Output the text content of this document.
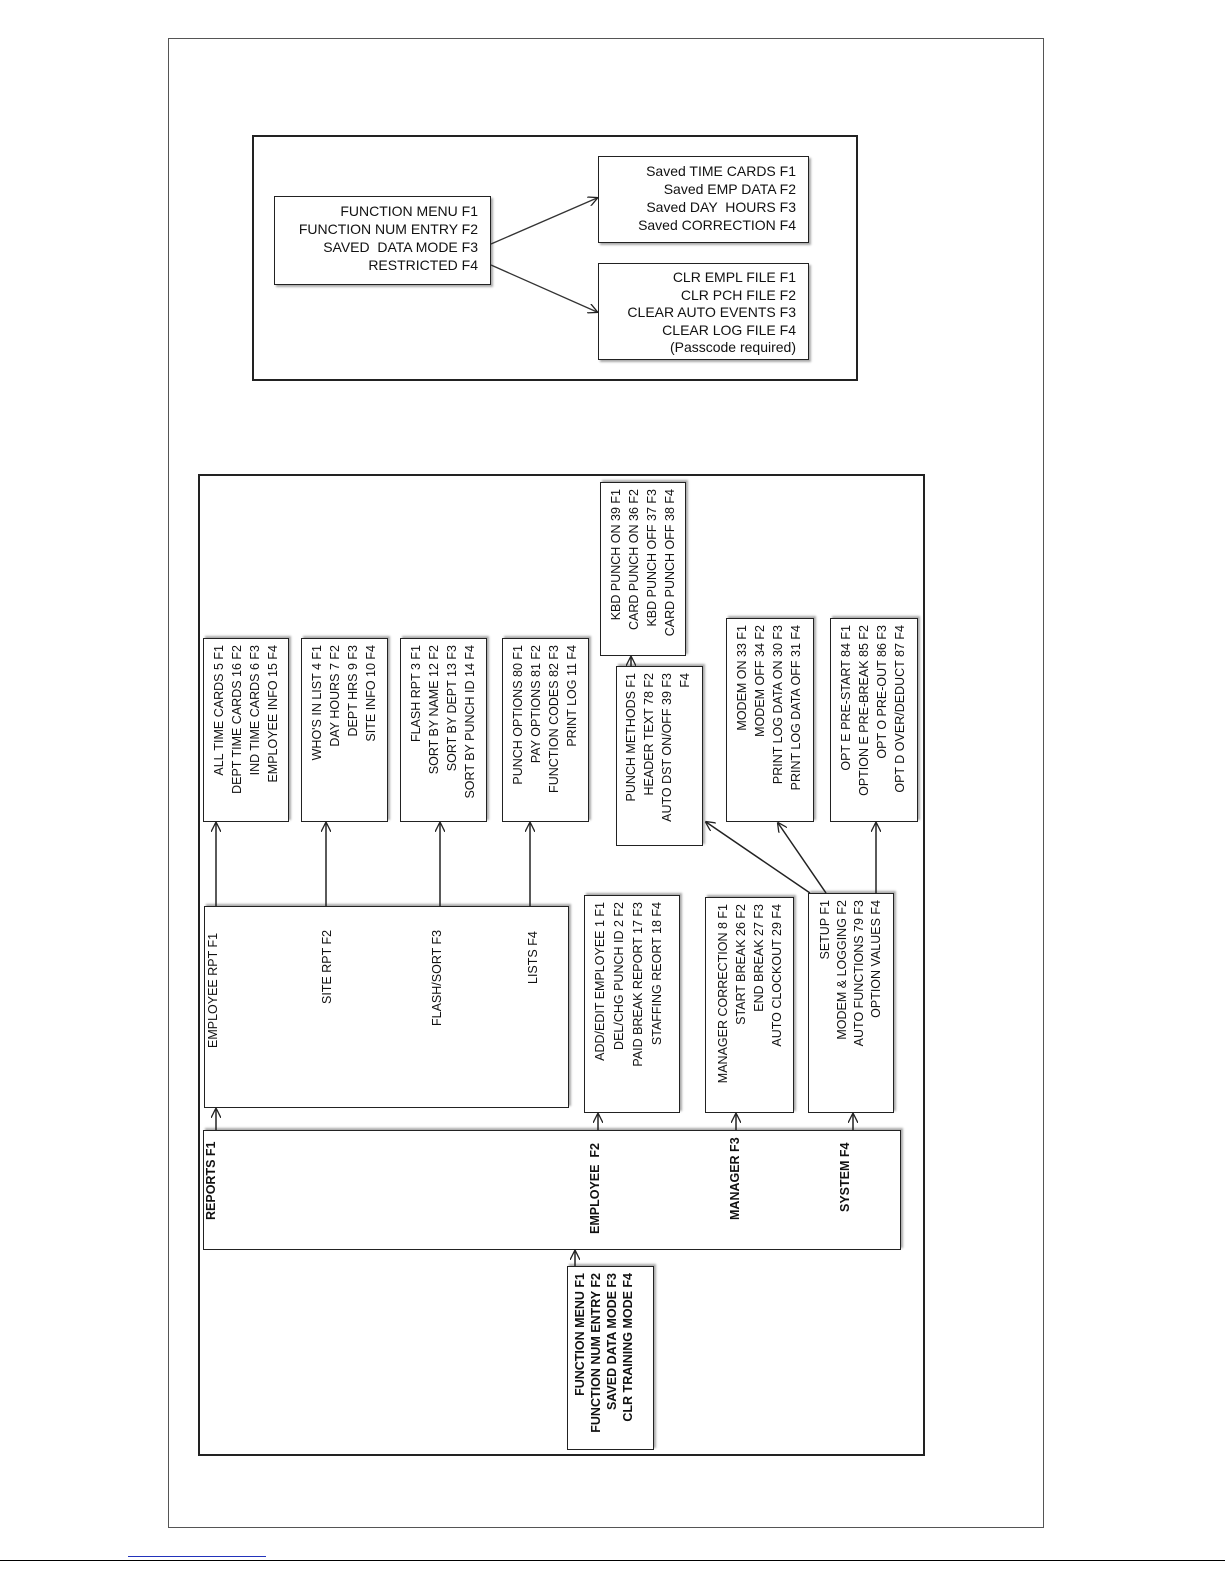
FUNCTION MENU F1
FUNCTION NUM ENTRY F2
SAVED  DATA MODE F3
RESTRICTED F4
Saved TIME CARDS F1
Saved EMP DATA F2
Saved DAY  HOURS F3
Saved CORRECTION F4
CLR EMPL FILE F1
CLR PCH FILE F2
CLEAR AUTO EVENTS F3
CLEAR LOG FILE F4
(Passcode required)
FUNCTION MENU F1 FUNCTION NUM ENTRY F2 SAVED DATA MODE F3 CLR TRAINING MODE F4
REPORTS F1	EMPLOYEE  F2	MANAGER F3	SYSTEM F4
EMPLOYEE RPT F1	SITE RPT F2	FLASH/SORT F3	LISTS F4	ADD/EDIT EMPLOYEE 1 F1 DEL/CHG PUNCH ID 2 F2 PAID BREAK REPORT 17 F3 STAFFING REORT 18 F4	MANAGER CORRECTION 8 F1 START BREAK 26 F2 END BREAK 27 F3 AUTO CLOCKOUT 29 F4	SETUP F1 MODEM & LOGGING F2 AUTO FUNCTIONS 79 F3 OPTION VALUES F4
ALL TIME CARDS 5 F1 DEPT TIME CARDS 16 F2 IND TIME CARDS 6 F3 EMPLOYEE INFO 15 F4 WHO'S IN LIST 4 F1 DAY HOURS 7 F2 DEPT HRS 9 F3 SITE INFO 10 F4 FLASH RPT 3 F1 SORT BY NAME 12 F2 SORT BY DEPT 13 F3 SORT BY PUNCH ID 14 F4	PUNCH OPTIONS 80 F1 PAY OPTIONS 81 F2 FUNCTION CODES 82 F3 PRINT LOG 11 F4	PUNCH METHODS F1 HEADER TEXT 78 F2 AUTO DST ON/OFF 39 F3 F4
KBD PUNCH ON 39 F1 CARD PUNCH ON 36 F2 KBD PUNCH OFF 37 F3 CARD PUNCH OFF 38 F4
MODEM ON 33 F1 MODEM OFF 34 F2 PRINT LOG DATA ON 30 F3 PRINT LOG DATA OFF 31 F4	OPT E PRE-START 84 F1 OPTION E PRE-BREAK 85 F2 OPT O PRE-OUT 86 F3 OPT D OVER/DEDUCT 87 F4
